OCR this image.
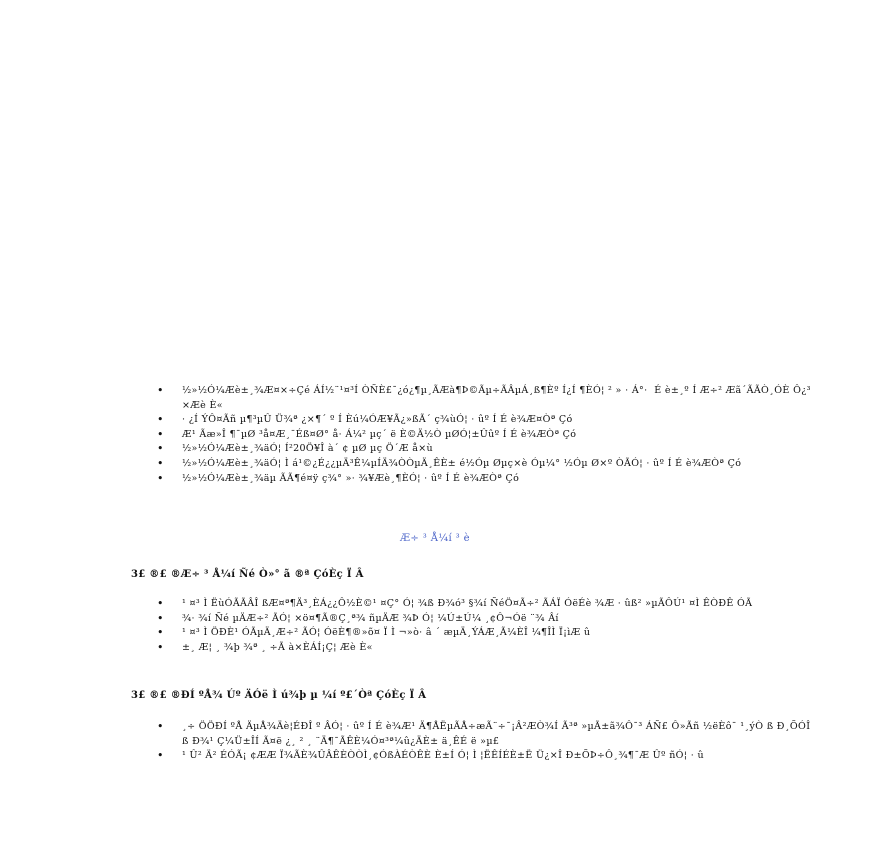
• ½»½Ó¼Æè±¸¾Æ¤×÷Çé ÁÍ½¨¹¤³Í ÒÑÈ£¯¿ó¿¶µ¸ÃÆà¶Þ©Ãµ÷ÃÂµÁ¸ß¶Èº Í¿Í ¶ÈÓ¦ ² » · Á°·  É è±¸º Í Æ÷² Æã´ÃÃÒ¸ÓÈ Ô¿³×Æè È«
• · ¿Í ÝÔ¤Ãñ µ¶³µÛ Ü¾ª ¿×¶´ º Í Èú¼ÓÆ¥Ã¿»ßÃ´ ç¾ùÓ¦ · ûº Í É è¾Æ¤Òª Çó
• Æ¹ Ãæ»Î ¶¯µØ ³å¤Æ¸¯Éß¤Ø° å· Á¼² µç´ ë È©Ä½Ò µØÓ¦±Ûûº Í É è¾ÆÒª Çó
• ½»½Ó¼Æè±¸¾äÓ¦ Í²20Ö¥Î à´ ¢ µØ µç Ö´Æ å×ù
• ½»½Ó¼Æè±¸¾äÓ¦ Ì á¹©¿É¿¿µÄ³Ê¼µÍÄ¾ÒÒµÄ¸ÊÈ± é½Óµ Øµç×è Óµ¼° ½Óµ Ø×º ÒÃÓ¦ · ûº Í É è¾ÆÒª Çó
• ½»½Ó¼Æè±¸¾äµ ÃÃ¶é¤ÿ ç¾° »· ¾¥Æè¸¶ÈÓ¦ · ûº Í É è¾ÆÒª Çó
Æ÷ ³ Å¼í ³ è
3£ ®£ ®Æ÷ ³ Å¼í Ñé Ò»° ã ®ª ÇóÈç Ï Â
• ¹ ¤³ Ì ËùÓÃÃÂÎ ßÆ¤ª¶Ä³¸ÈÁ¿¿Ô½È©¹ ¤Ç° Ó¦ ¾ß Ð¾ó³ §¾í ÑéÖ¤Ã÷² ÃÁÏ ÓëÉè ¾Æ · ûß² »µÃÔÚ¹ ¤Ì ÊÒÐÊ ÓÃ
• ¾· ¾í Ñé µÄÆ÷² ÃÓ¦ ×ö¤¶Ã®Ç¸ª¾ ñµÄÆ ¾Þ Ó¦ ¼Ú±Ú¼ ¸¢Ô¬Óë ¨¾ Âí
• ¹ ¤³ Ì ÖÐÈ¹ ÓÃµÄ¸Æ÷² ÃÓ¦ ÓëÈ¶®»õ¤ Ï Ì ¬»ò· â ´ æµÄ¸ÝÁÆ¸Ã¼ÈÎ ¼¶ÎÌ Ï¡ìÆ û
• ±¸ Æ¦ ¸ ¾þ ¾ª ¸ ÷Ã à×ÈÁÍ¡Ç¦ Æè È«
3£ ®£ ®ÐÍ ºÅ¾ Úº ÄÓë Ì ú¾þ µ ¼í º£´Òª ÇóÈç Ï Â
• ¸÷ ÖÖÐÍ ºÅ ÄµÅ¾Äè¦ÉÐÎ º ÂÓ¦ · ûº Í É è¾Æ¹ Ä¶ÅËµÃÅ÷æÃ¨÷¯¡Â²ÆÒ¾Í Ã³ª »µÃ±ã¾Ô¯³ ÁÑ£ Ô»Ãñ ½ëÈô¯ ¹¸ýÒ ß Ð¸ÕÓÎ ß Ð¾¹ Ç¼Ü±ÎÍ Ã¤ë ¿¸ ² ¸ ¨Ä¶¯ÃÊÈ¼Ó¤³ª¼û¿ÄÈ± ä¸ÊÉ ë »µ£
• ¹ Û² Ä² ÉÓÃ¡ ¢ÆÆ Ï¾ÃÈ¾ÛÂÊÈÒÒÌ¸¢ÓßÀÉÒÊÈ È±Í Ó¦ Ì ¦ËÊÍÉÈ±Ë Ü¿×Î Ð±ÕÞ÷Ô¸¾¶¯Æ Ûº ñÓ¦ · û
